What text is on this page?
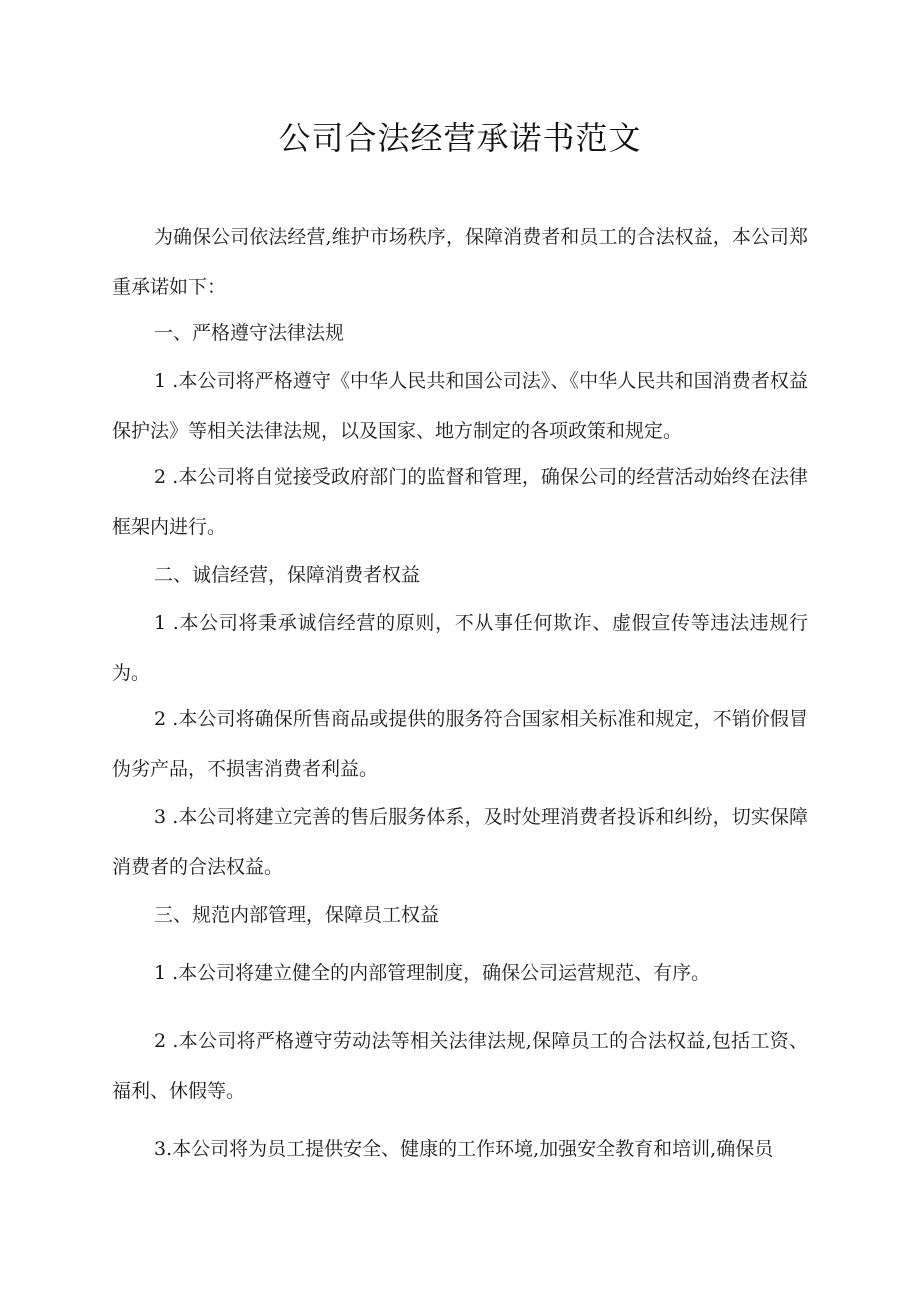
公司合法经营承诺书范文

为确保公司依法经营,维护市场秩序，保障消费者和员工的合法权益，本公司郑重承诺如下：

一、严格遵守法律法规

1 .本公司将严格遵守《中华人民共和国公司法》、《中华人民共和国消费者权益保护法》等相关法律法规，以及国家、地方制定的各项政策和规定。

2 .本公司将自觉接受政府部门的监督和管理，确保公司的经营活动始终在法律框架内进行。

二、诚信经营，保障消费者权益

1 .本公司将秉承诚信经营的原则，不从事任何欺诈、虚假宣传等违法违规行为。

2 .本公司将确保所售商品或提供的服务符合国家相关标准和规定，不销价假冒伪劣产品，不损害消费者利益。

3 .本公司将建立完善的售后服务体系，及时处理消费者投诉和纠纷，切实保障消费者的合法权益。

三、规范内部管理，保障员工权益

1 .本公司将建立健全的内部管理制度，确保公司运营规范、有序。

2 .本公司将严格遵守劳动法等相关法律法规,保障员工的合法权益,包括工资、福利、休假等。

3.本公司将为员工提供安全、健康的工作环境,加强安全教育和培训,确保员
